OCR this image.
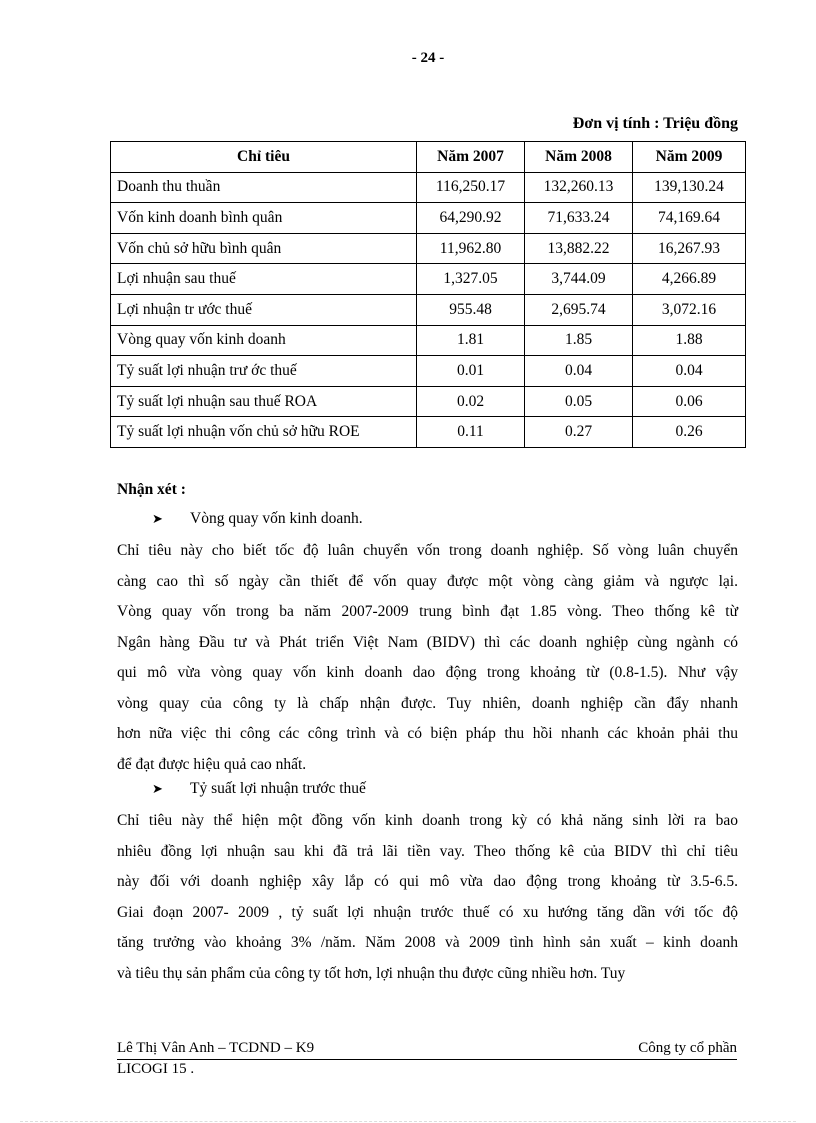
- 24 -
Đơn vị tính : Triệu đồng
Chỉ tiêu	Năm 2007	Năm 2008	Năm 2009
Doanh thu thuần	116,250.17	132,260.13	139,130.24
Vốn kinh doanh bình quân	64,290.92	71,633.24	74,169.64
Vốn chủ sở hữu bình quân	11,962.80	13,882.22	16,267.93
Lợi nhuận sau thuế	1,327.05	3,744.09	4,266.89
Lợi nhuận tr ước thuế	955.48	2,695.74	3,072.16
Vòng quay vốn kinh doanh	1.81	1.85	1.88
Tỷ suất lợi nhuận trư ớc thuế	0.01	0.04	0.04
Tỷ suất lợi nhuận sau thuế ROA	0.02	0.05	0.06
Tỷ suất lợi nhuận vốn chủ sở hữu ROE	0.11	0.27	0.26
Nhận xét :
➤ Vòng quay vốn kinh doanh.
Chỉ tiêu này cho biết tốc độ luân chuyển vốn trong doanh nghiệp. Số vòng luân chuyển
càng cao thì số ngày cần thiết để vốn quay được một vòng càng giảm và ngược lại.
Vòng quay vốn trong ba năm 2007-2009 trung bình đạt 1.85 vòng. Theo thống kê từ
Ngân hàng Đầu tư và Phát triển Việt Nam (BIDV) thì các doanh nghiệp cùng ngành có
qui mô vừa vòng quay vốn kinh doanh dao động trong khoảng từ (0.8-1.5). Như vậy
vòng quay của công ty là chấp nhận được. Tuy nhiên, doanh nghiệp cần đẩy nhanh
hơn nữa việc thi công các công trình và có biện pháp thu hồi nhanh các khoản phải thu
để đạt được hiệu quả cao nhất.
➤ Tỷ suất lợi nhuận trước thuế
Chỉ tiêu này thể hiện một đồng vốn kinh doanh trong kỳ có khả năng sinh lời ra bao
nhiêu đồng lợi nhuận sau khi đã trả lãi tiền vay. Theo thống kê của BIDV thì chỉ tiêu
này đối với doanh nghiệp xây lắp có qui mô vừa dao động trong khoảng từ 3.5-6.5.
Giai đoạn 2007- 2009 , tỷ suất lợi nhuận trước thuế có xu hướng tăng dần với tốc độ
tăng trưởng vào khoảng 3% /năm. Năm 2008 và 2009 tình hình sản xuất – kinh doanh
và tiêu thụ sản phẩm của công ty tốt hơn, lợi nhuận thu được cũng nhiều hơn. Tuy
Lê Thị Vân Anh – TCDND – K9	Công ty cổ phần
LICOGI 15 .
